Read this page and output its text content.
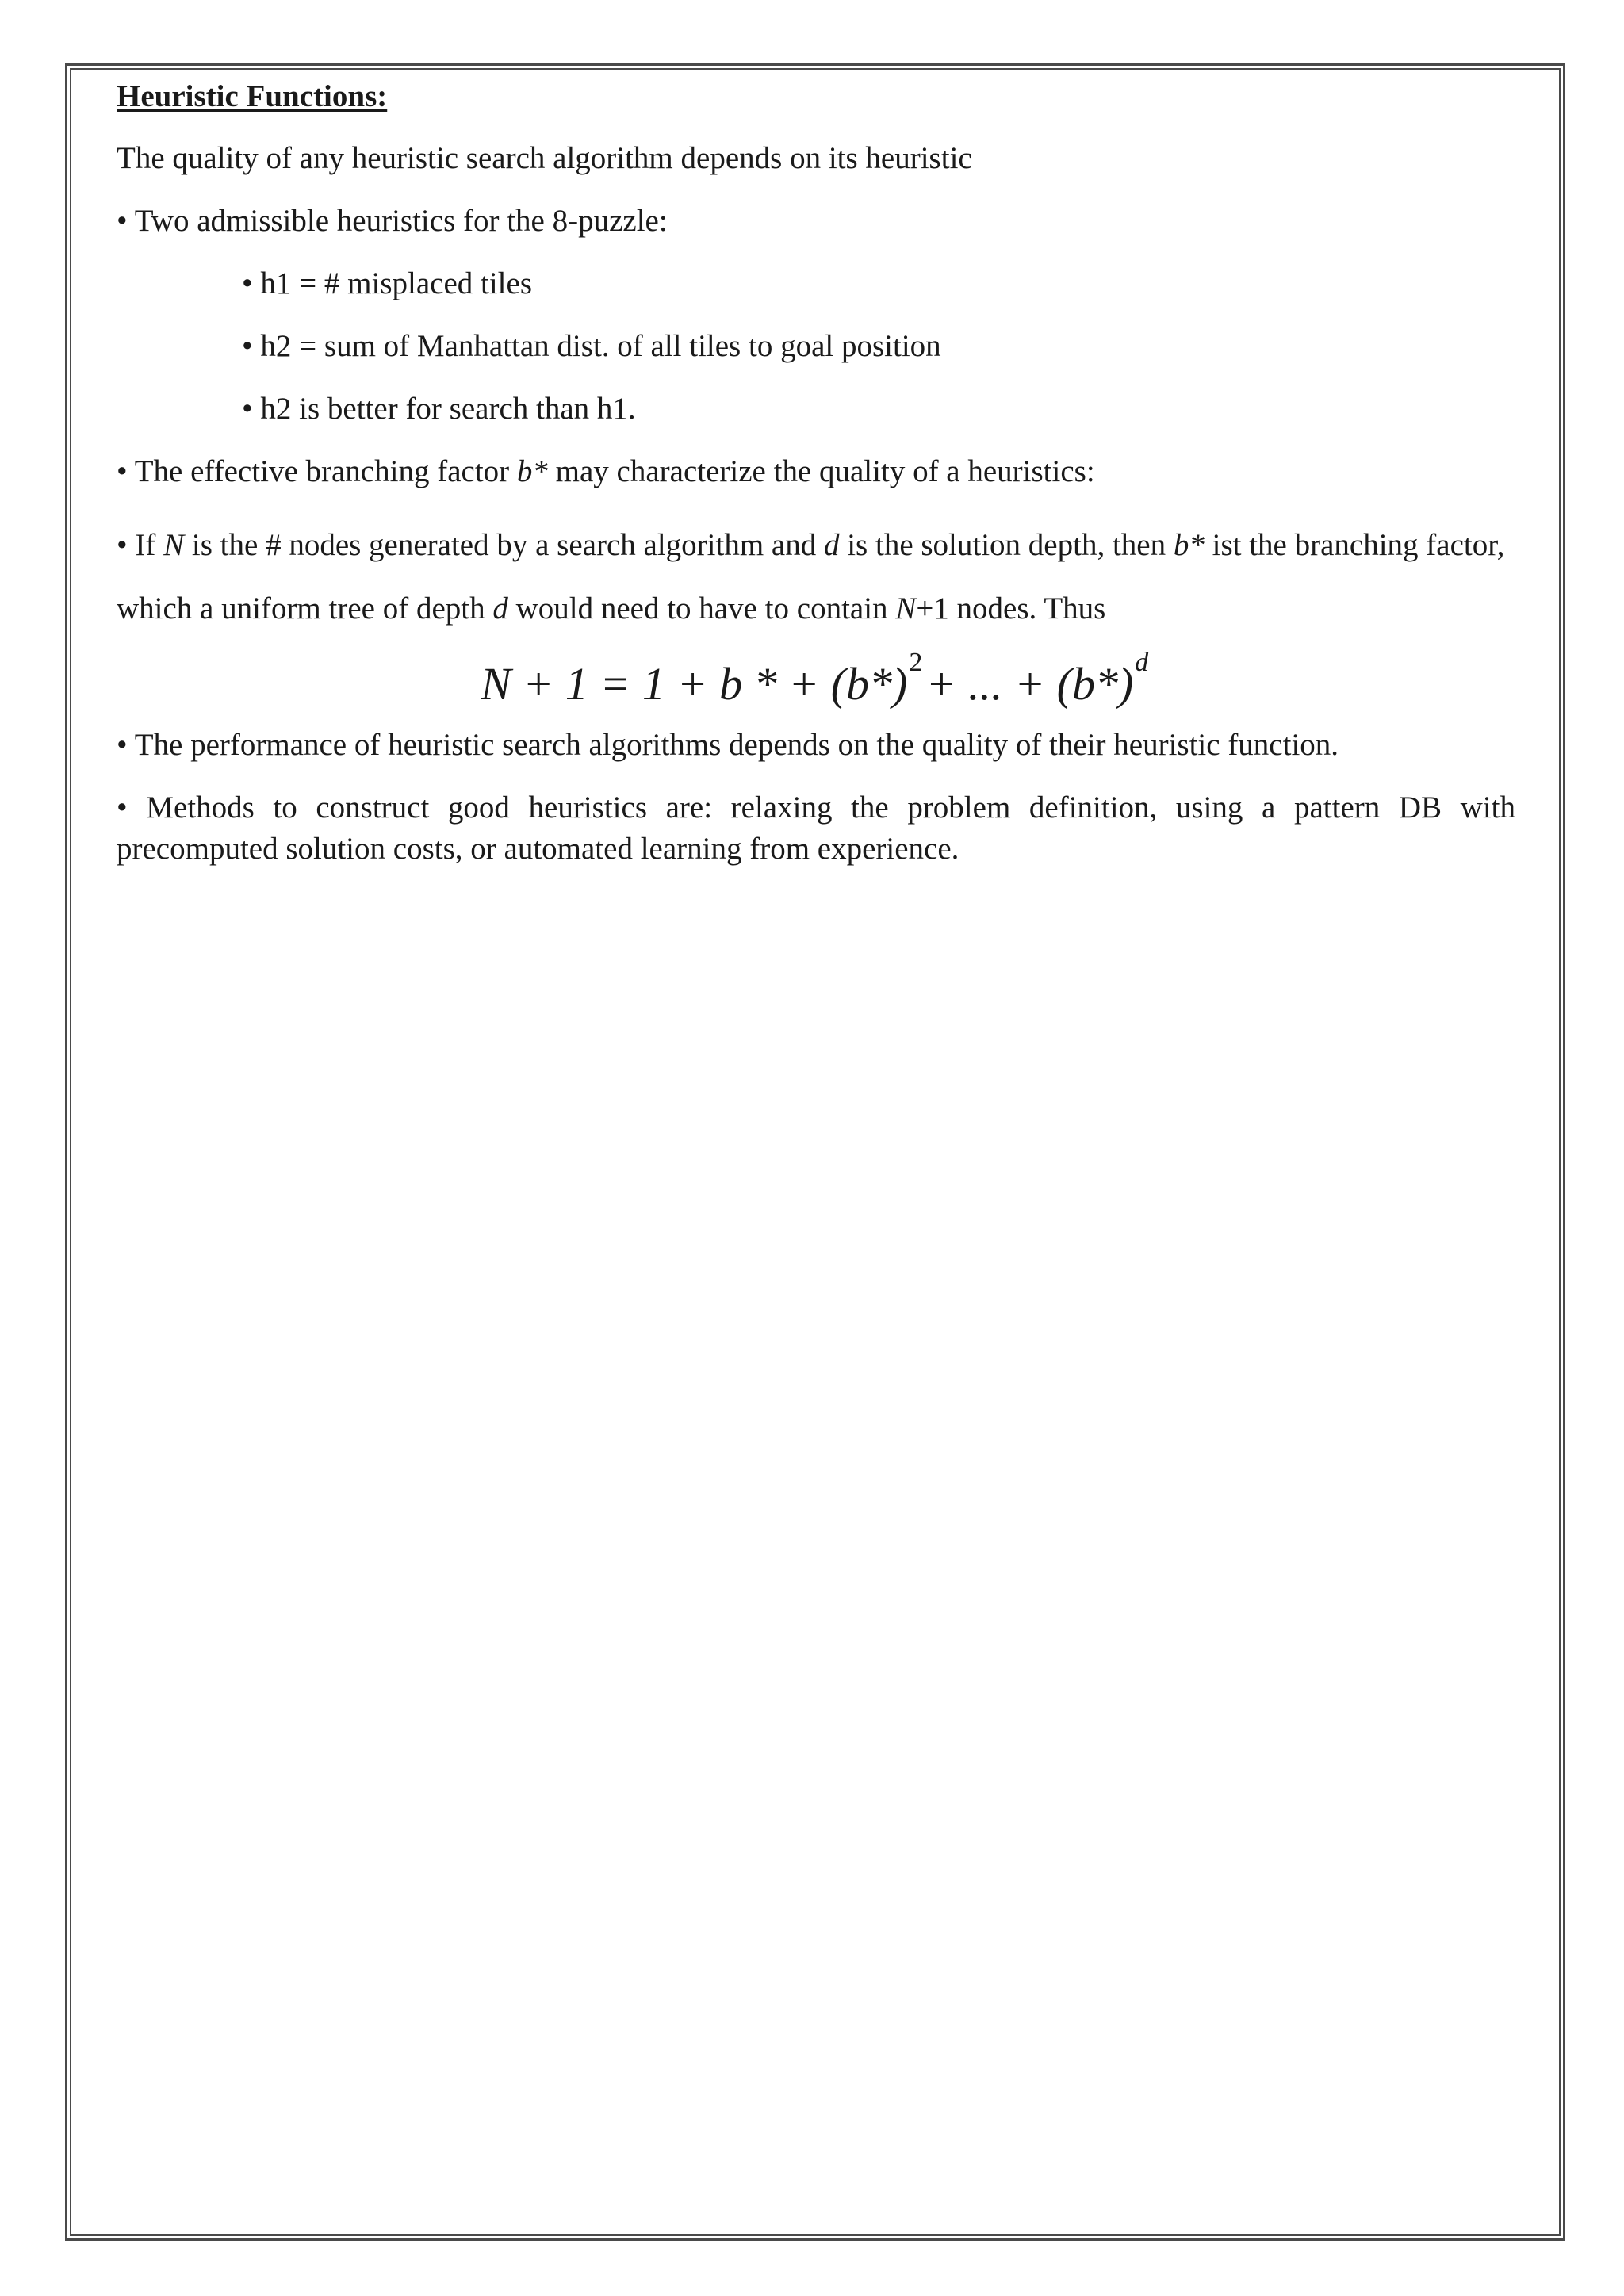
Heuristic Functions:

The quality of any heuristic search algorithm depends on its heuristic

• Two admissible heuristics for the 8-puzzle:

• h1 = # misplaced tiles

• h2 = sum of Manhattan dist. of all tiles to goal position

• h2 is better for search than h1.

• The effective branching factor b* may characterize the quality of a heuristics:

• If N is the # nodes generated by a search algorithm and d is the solution depth, then b* ist the branching factor, which a uniform tree of depth d would need to have to contain N+1 nodes. Thus

N + 1 = 1 + b * + (b*) 2 + ... + (b*) d

• The performance of heuristic search algorithms depends on the quality of their heuristic function.

• Methods to construct good heuristics are: relaxing the problem definition, using a pattern DB with precomputed solution costs, or automated learning from experience.
